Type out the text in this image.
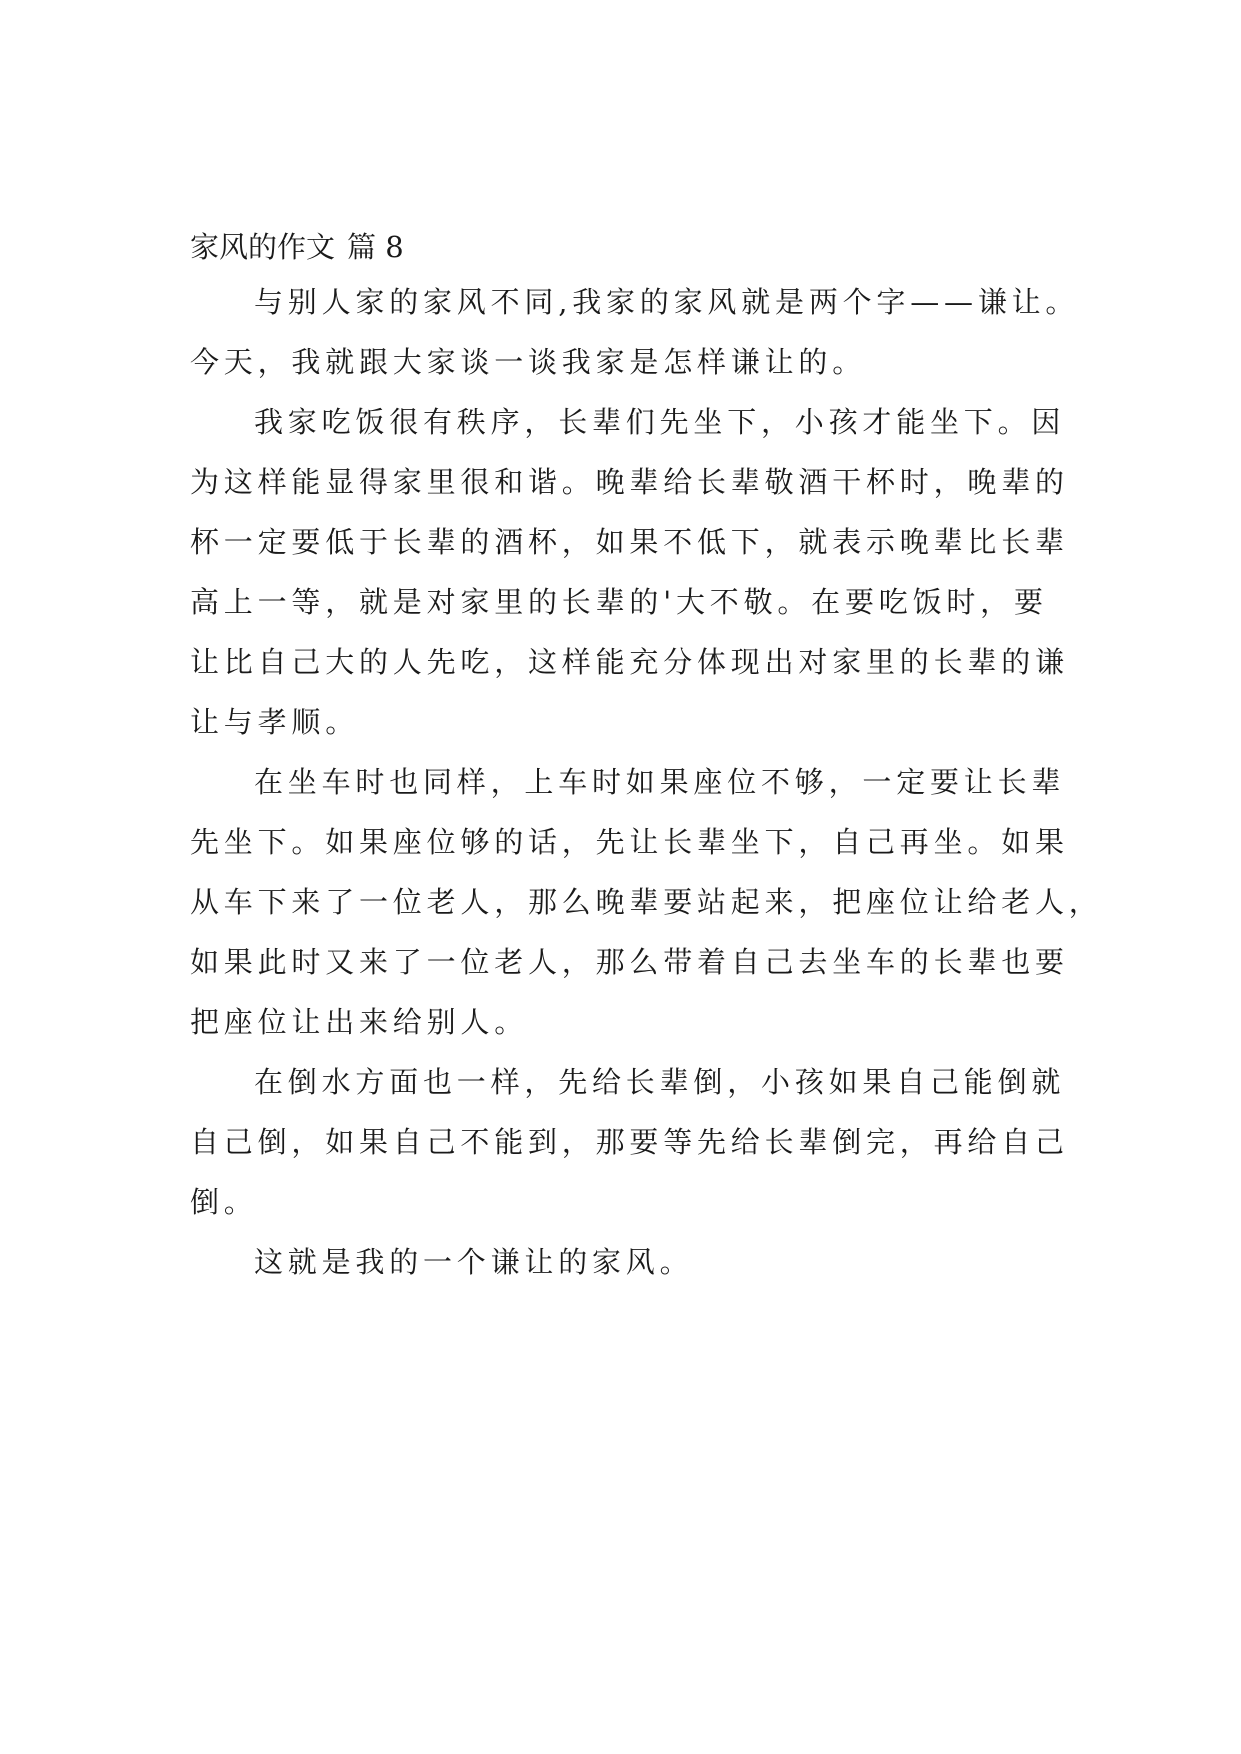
家风的作文 篇 8

与别人家的家风不同,我家的家风就是两个字——谦让。

今天，我就跟大家谈一谈我家是怎样谦让的。

我家吃饭很有秩序，长辈们先坐下，小孩才能坐下。因

为这样能显得家里很和谐。晚辈给长辈敬酒干杯时，晚辈的

杯一定要低于长辈的酒杯，如果不低下，就表示晚辈比长辈

高上一等，就是对家里的长辈的'大不敬。在要吃饭时，要

让比自己大的人先吃，这样能充分体现出对家里的长辈的谦

让与孝顺。

在坐车时也同样，上车时如果座位不够，一定要让长辈

先坐下。如果座位够的话，先让长辈坐下，自己再坐。如果

从车下来了一位老人，那么晚辈要站起来，把座位让给老人，

如果此时又来了一位老人，那么带着自己去坐车的长辈也要

把座位让出来给别人。

在倒水方面也一样，先给长辈倒，小孩如果自己能倒就

自己倒，如果自己不能到，那要等先给长辈倒完，再给自己

倒。

这就是我的一个谦让的家风。
